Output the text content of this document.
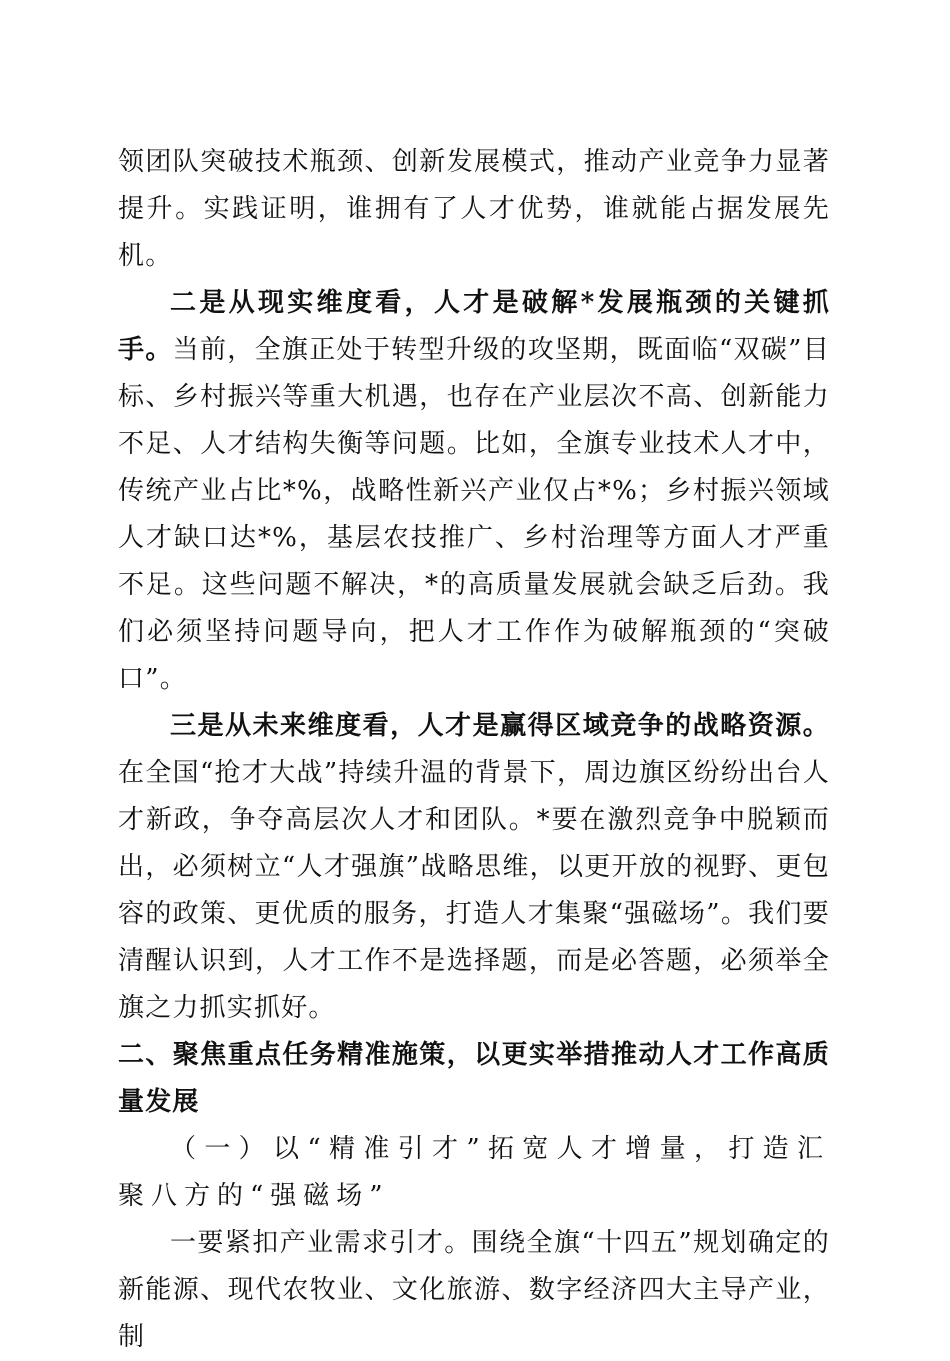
领团队突破技术瓶颈、创新发展模式，推动产业竞争力显著提升。实践证明，谁拥有了人才优势，谁就能占据发展先机。

二是从现实维度看，人才是破解*发展瓶颈的关键抓手。当前，全旗正处于转型升级的攻坚期，既面临“双碳”目标、乡村振兴等重大机遇，也存在产业层次不高、创新能力不足、人才结构失衡等问题。比如，全旗专业技术人才中，传统产业占比*%，战略性新兴产业仅占*%；乡村振兴领域人才缺口达*%，基层农技推广、乡村治理等方面人才严重不足。这些问题不解决，*的高质量发展就会缺乏后劲。我们必须坚持问题导向，把人才工作作为破解瓶颈的“突破口”。

三是从未来维度看，人才是赢得区域竞争的战略资源。在全国“抢才大战”持续升温的背景下，周边旗区纷纷出台人才新政，争夺高层次人才和团队。*要在激烈竞争中脱颖而出，必须树立“人才强旗”战略思维，以更开放的视野、更包容的政策、更优质的服务，打造人才集聚“强磁场”。我们要清醒认识到，人才工作不是选择题，而是必答题，必须举全旗之力抓实抓好。

二、聚焦重点任务精准施策，以更实举措推动人才工作高质量发展

（一）以“精准引才”拓宽人才增量，打造汇聚八方的“强磁场”

一要紧扣产业需求引才。围绕全旗“十四五”规划确定的新能源、现代农牧业、文化旅游、数字经济四大主导产业，制
